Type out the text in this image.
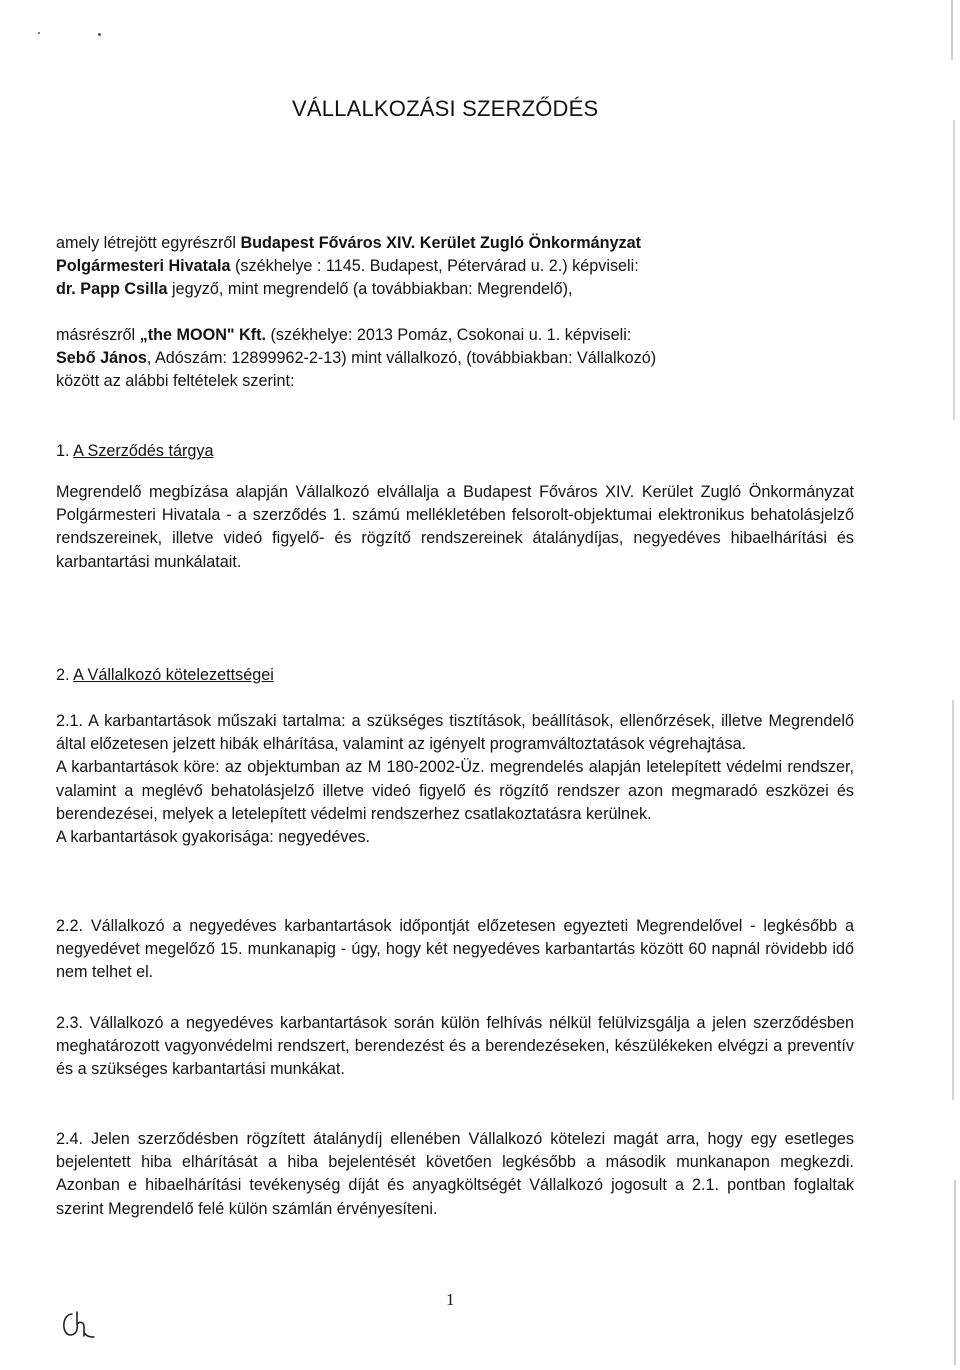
VÁLLALKOZÁSI SZERZŐDÉS

amely létrejött egyrészről Budapest Főváros XIV. Kerület Zugló Önkormányzat

Polgármesteri Hivatala (székhelye : 1145. Budapest, Pétervárad u. 2.) képviseli:

dr. Papp Csilla jegyző, mint megrendelő (a továbbiakban: Megrendelő),

másrészről „the MOON" Kft. (székhelye: 2013 Pomáz, Csokonai u. 1. képviseli:

Sebő János, Adószám: 12899962-2-13) mint vállalkozó, (továbbiakban: Vállalkozó)

között az alábbi feltételek szerint:

1. A Szerződés tárgya
Megrendelő megbízása alapján Vállalkozó elvállalja a Budapest Főváros XIV. Kerület Zugló Önkormányzat Polgármesteri Hivatala - a szerződés 1. számú mellékletében felsorolt-objektumai elektronikus behatolásjelző rendszereinek, illetve videó figyelő- és rögzítő rendszereinek átalánydíjas, negyedéves hibaelhárítási és karbantartási munkálatait.
2. A Vállalkozó kötelezettségei

2.1. A karbantartások műszaki tartalma: a szükséges tisztítások, beállítások, ellenőrzések, illetve Megrendelő által előzetesen jelzett hibák elhárítása, valamint az igényelt programváltoztatások végrehajtása.

A karbantartások köre: az objektumban az M 180-2002-Üz. megrendelés alapján letelepített védelmi rendszer, valamint a meglévő behatolásjelző illetve videó figyelő és rögzítő rendszer azon megmaradó eszközei és berendezései, melyek a letelepített védelmi rendszerhez csatlakoztatásra kerülnek.

A karbantartások gyakorisága: negyedéves.

2.2. Vállalkozó a negyedéves karbantartások időpontját előzetesen egyezteti Megrendelővel - legkésőbb a negyedévet megelőző 15. munkanapig - úgy, hogy két negyedéves karbantartás között 60 napnál rövidebb idő nem telhet el.
2.3. Vállalkozó a negyedéves karbantartások során külön felhívás nélkül felülvizsgálja a jelen szerződésben meghatározott vagyonvédelmi rendszert, berendezést és a berendezéseken, készülékeken elvégzi a preventív és a szükséges karbantartási munkákat.
2.4. Jelen szerződésben rögzített átalánydíj ellenében Vállalkozó kötelezi magát arra, hogy egy esetleges bejelentett hiba elhárítását a hiba bejelentését követően legkésőbb a második munkanapon megkezdi. Azonban e hibaelhárítási tevékenység díját és anyagköltségét Vállalkozó jogosult a 2.1. pontban foglaltak szerint Megrendelő felé külön számlán érvényesíteni.
1
